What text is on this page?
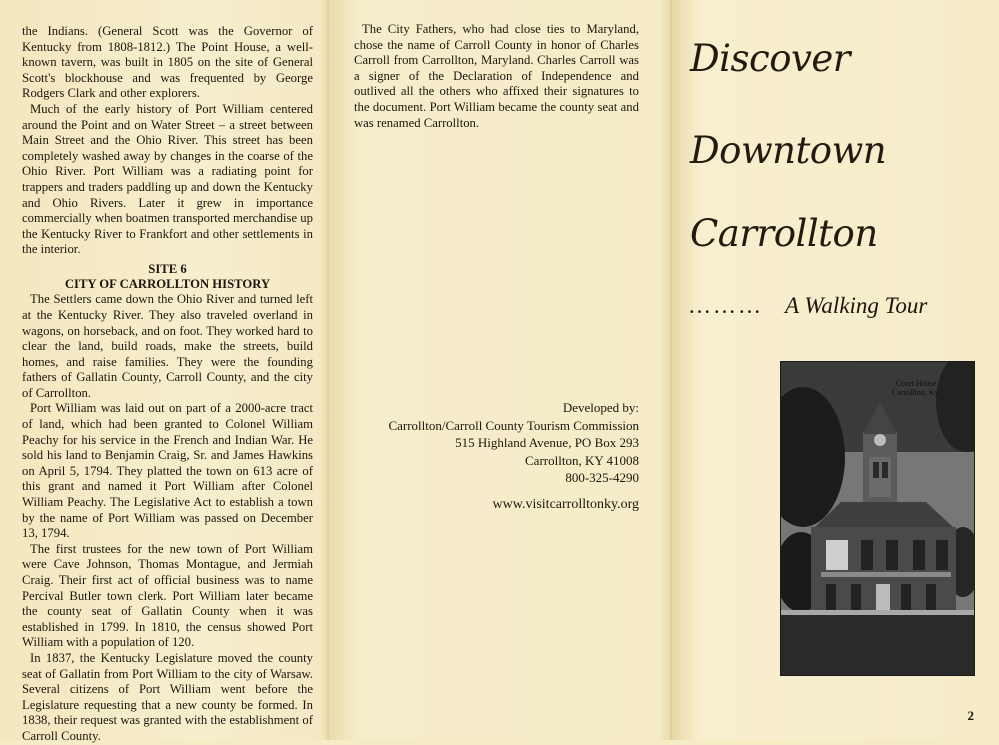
the Indians. (General Scott was the Governor of Kentucky from 1808-1812.) The Point House, a well-known tavern, was built in 1805 on the site of General Scott's blockhouse and was frequented by George Rodgers Clark and other explorers.

Much of the early history of Port William centered around the Point and on Water Street – a street between Main Street and the Ohio River. This street has been completely washed away by changes in the coarse of the Ohio River. Port William was a radiating point for trappers and traders paddling up and down the Kentucky and Ohio Rivers. Later it grew in importance commercially when boatmen transported merchandise up the Kentucky River to Frankfort and other settlements in the interior.

SITE 6
CITY OF CARROLLTON HISTORY

The Settlers came down the Ohio River and turned left at the Kentucky River. They also traveled overland in wagons, on horseback, and on foot. They worked hard to clear the land, build roads, make the streets, build homes, and raise families. They were the founding fathers of Gallatin County, Carroll County, and the city of Carrollton.

Port William was laid out on part of a 2000-acre tract of land, which had been granted to Colonel William Peachy for his service in the French and Indian War. He sold his land to Benjamin Craig, Sr. and James Hawkins on April 5, 1794. They platted the town on 613 acre of this grant and named it Port William after Colonel William Peachy. The Legislative Act to establish a town by the name of Port William was passed on December 13, 1794.

The first trustees for the new town of Port William were Cave Johnson, Thomas Montague, and Jermiah Craig. Their first act of official business was to name Percival Butler town clerk. Port William later became the county seat of Gallatin County when it was established in 1799. In 1810, the census showed Port William with a population of 120.

In 1837, the Kentucky Legislature moved the county seat of Gallatin from Port William to the city of Warsaw. Several citizens of Port William went before the Legislature requesting that a new county be formed. In 1838, their request was granted with the establishment of Carroll County.

The City Fathers, who had close ties to Maryland, chose the name of Carroll County in honor of Charles Carroll from Carrollton, Maryland. Charles Carroll was a signer of the Declaration of Independence and outlived all the others who affixed their signatures to the document. Port William became the county seat and was renamed Carrollton.

Developed by:
Carrollton/Carroll County Tourism Commission
515 Highland Avenue, PO Box 293
Carrollton, KY 41008
800-325-4290
www.visitcarrolltonky.org
Discover
Downtown
Carrollton
……… A Walking Tour
Court House
Carrollton, Ky.
2
